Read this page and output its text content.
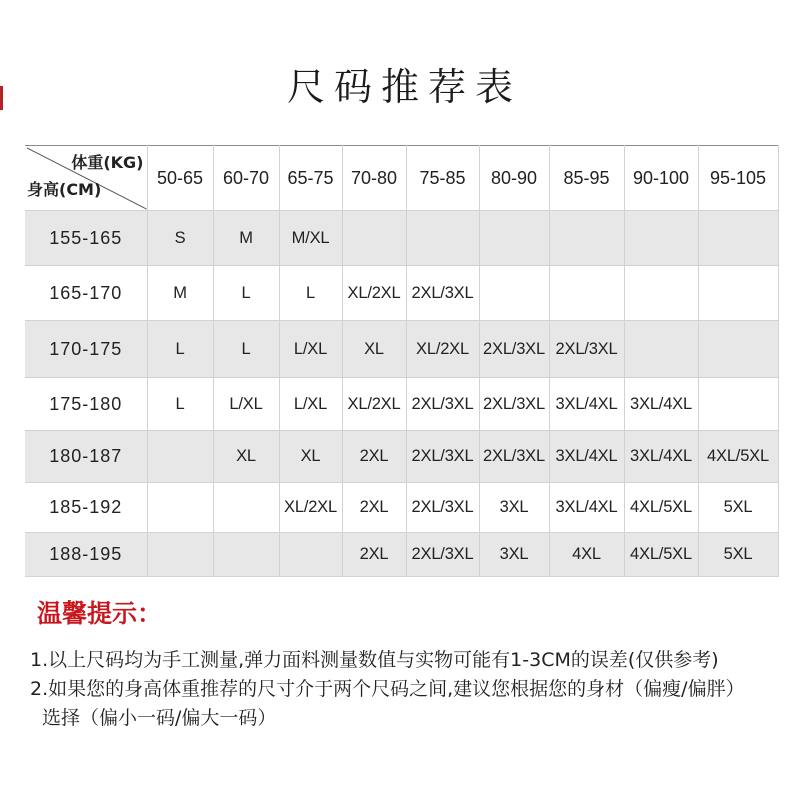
尺码推荐表
体重(KG)
身高(CM)	50-65	60-70	65-75	70-80	75-85	80-90	85-95	90-100	95-105
155-165	S	M	M/XL						
165-170	M	L	L	XL/2XL	2XL/3XL				
170-175	L	L	L/XL	XL	XL/2XL	2XL/3XL	2XL/3XL		
175-180	L	L/XL	L/XL	XL/2XL	2XL/3XL	2XL/3XL	3XL/4XL	3XL/4XL	
180-187		XL	XL	2XL	2XL/3XL	2XL/3XL	3XL/4XL	3XL/4XL	4XL/5XL
185-192			XL/2XL	2XL	2XL/3XL	3XL	3XL/4XL	4XL/5XL	5XL
188-195				2XL	2XL/3XL	3XL	4XL	4XL/5XL	5XL
温馨提示：
1.以上尺码均为手工测量,弹力面料测量数值与实物可能有1-3CM的误差(仅供参考)
2.如果您的身高体重推荐的尺寸介于两个尺码之间,建议您根据您的身材（偏瘦/偏胖）
选择（偏小一码/偏大一码）
